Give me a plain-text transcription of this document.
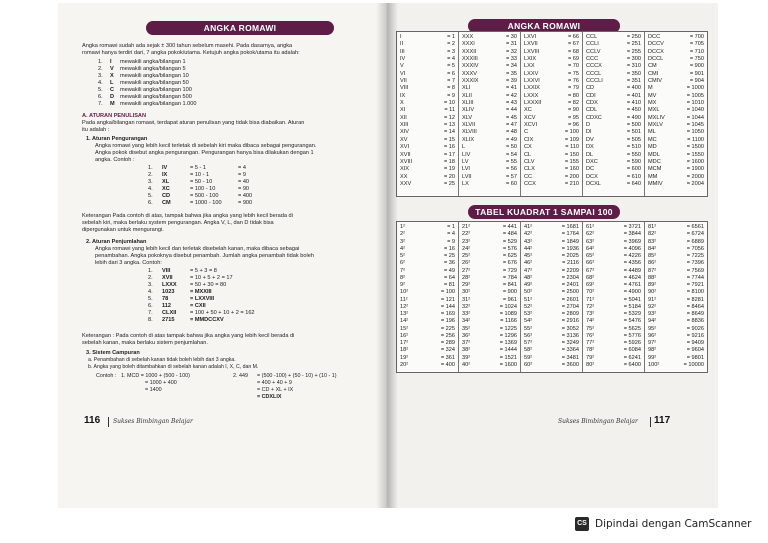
ANGKA ROMAWI

Angka romawi sudah ada sejak ± 300 tahun sebelum masehi. Pada dasarnya, angka

romawi hanya terdiri dari, 7 angka pokok/utama. Ketujuh angka pokok/utama itu adalah:

1.	I	mewakili angka/bilangan 1
2.	V	mewakili angka/bilangan 5
3.	X	mewakili angka/bilangan 10
4.	L	mewakili angka/bilangan 50
5.	C	mewakili angka/bilangan 100
6.	D	mewakili angka/bilangan 500
7.	M mewakili angka/bilangan 1.000
A. ATURAN PENULISAN

Pada angka/bilangan romawi, terdapat aturan penulisan yang tidak bisa diabaikan. Aturan

itu adalah :

1. Aturan Pengurangan

Angka romawi yang lebih kecil terletak di sebelah kiri maka dibaca sebagai pengurangan.

Angka pokok disebut angka pengurangan. Pengurangan hanya bisa dilakukan dengan 1

angka. Contoh :

1.	IV	= 5 - 1	= 4
2.	IX	= 10 - 1	= 9
3.	XL	= 50 - 10	= 40
4.	XC	= 100 - 10	= 90
5.	CD	= 500 - 100	= 400
6.	CM	= 1000 - 100	= 900

Keterangan Pada contoh di atas, tampak bahwa jika angka yang lebih kecil berada di

sebelah kiri, maka berlaku system pengurangan. Angka V, L, dan D tidak bisa

dipergunakan untuk mengurangi.

2. Aturan Penjumlahan

Angka romawi yang lebih kecil dan terletak disebelah kanan, maka dibaca sebagai

penambahan. Angka pokoknya disebut penambah. Jumlah angka penambah tidak boleh

lebih dari 3 angka. Contoh:

1.	VIII	= 5 + 3 = 8
2.	XVII	= 10 + 5 + 2 = 17
3.	LXXX	= 50 + 30 = 80
4.	1023	= MXXIII
5.	78	= LXXVIII
6.	112	= CXII
7.	CLXII	= 100 + 50 + 10 + 2 = 162
8.	2715	= MMDCCXV

Keterangan : Pada contoh di atas tampak bahwa jika angka yang lebih kecil berada di

sebelah kanan, maka berlaku sistem penjumlahan.

3. Sistem Campuran

a. Penambahan di sebelah kanan tidak boleh lebih dari 3 angka.

b. Angka yang boleh ditambahkan di sebelah kanan adalah I, X, C, dan M.

Contoh : 1. MCD = 1000 + (500 - 100)

= 1000 + 400

= 1400

2. 449	= (500 -100) + (50 - 10) + (10 - 1)

= 400 + 40 + 9

= CD + XL + IX

= CDXLIX

116 Sukses Bimbingan Belajar
ANGKA ROMAWI
I	= 1
II	= 2
III	= 3
IV	= 4
V	= 5
VI	= 6
VII	= 7
VIII	= 8
IX	= 9
X	= 10
XI	= 11
XII	= 12
XIII	= 13
XIV	= 14
XV	= 15
XVI	= 16
XVII	= 17
XVIII	= 18
XIX	= 19
XX	= 20
XXV	= 25
XXX	= 30
XXXI	= 31
XXXII	= 32
XXXIII	= 33
XXXIV	= 34
XXXV	= 35
XXXIX	= 39
XLI	= 41
XLII	= 42
XLIII	= 43
XLIV	= 44
XLV	= 45
XLVII	= 47
XLVIII	= 48
XLIX	= 49
L	= 50
LIV	= 54
LV	= 55
LVI	= 56
LVII	= 57
LX	= 60
LXVI	= 66
LXVII	= 67
LXVIII	= 68
LXIX	= 69
LXX	= 70
LXXV	= 75
LXXVI	= 76
LXXIX	= 79
LXXX	= 80
LXXXII	= 82
XC	= 90
XCV	= 95
XCVI	= 96
C	= 100
CIX	= 109
CX	= 110
CL	= 150
CLV	= 155
CLX	= 160
CC	= 200
CCX	= 210
CCL	= 250
CCLI	= 251
CCLV	= 255
CCC	= 300
CCCX	= 310
CCCL	= 350
CCCLI	= 351
CD	= 400
CDI	= 401
CDX	= 410
CDL	= 450
CDXC	= 490
D	= 500
DI	= 501
DV	= 505
DX	= 510
DL	= 550
DXC	= 590
DC	= 600
DCX	= 610
DCXL	= 640
DCC	= 700
DCCV	= 705
DCCX	= 710
DCCL	= 750
CM	= 900
CMI	= 901
CMIV	= 904
M	= 1000
MV	= 1005
MX	= 1010
MXL	= 1040
MXLIV	= 1044
MXLV	= 1045
ML	= 1050
MC	= 1100
MD	= 1500
MDL	= 1550
MDC	= 1600
MCM	= 1900
MM	= 2000
MMIV	= 2004
TABEL KUADRAT 1 SAMPAI 100
1²	= 1
2²	= 4
3²	= 9
4²	= 16
5²	= 25
6²	= 36
7²	= 49
8²	= 64
9²	= 81
10²	= 100
11²	= 121
12²	= 144
13²	= 169
14²	= 196
15²	= 225
16²	= 256
17²	= 289
18²	= 324
19²	= 361
20²	= 400
21²	= 441
22²	= 484
23²	= 529
24²	= 576
25²	= 625
26²	= 676
27²	= 729
28²	= 784
29²	= 841
30²	= 900
31²	= 961
32²	= 1024
33²	= 1089
34²	= 1166
35²	= 1225
36²	= 1296
37²	= 1369
38²	= 1444
39²	= 1521
40²	= 1600
41²	= 1681
42²	= 1764
43²	= 1849
44²	= 1936
45²	= 2025
46²	= 2116
47²	= 2209
48²	= 2304
49²	= 2401
50²	= 2500
51²	= 2601
52²	= 2704
53²	= 2809
54²	= 2916
55²	= 3052
56²	= 3136
57²	= 3249
58²	= 3364
59²	= 3481
60²	= 3600
61²	= 3721
62²	= 3844
63²	= 3969
64²	= 4096
65²	= 4226
66²	= 4356
67²	= 4489
68²	= 4624
69²	= 4761
70²	= 4900
71²	= 5041
72²	= 5184
73²	= 5329
74²	= 5476
75²	= 5625
76²	= 5776
77²	= 5926
78²	= 6084
79²	= 6241
80²	= 6400
81²	= 6561
82²	= 6724
83²	= 6889
84²	= 7056
85²	= 7225
86²	= 7396
87²	= 7569
88²	= 7744
89²	= 7921
90²	= 8100
91²	= 8281
92²	= 8464
93²	= 8649
94²	= 8836
95²	= 9026
96²	= 9216
97²	= 9409
98²	= 9604
99²	= 9801
100²	= 10000
Sukses Bimbingan Belajar 117
CS Dipindai dengan CamScanner
